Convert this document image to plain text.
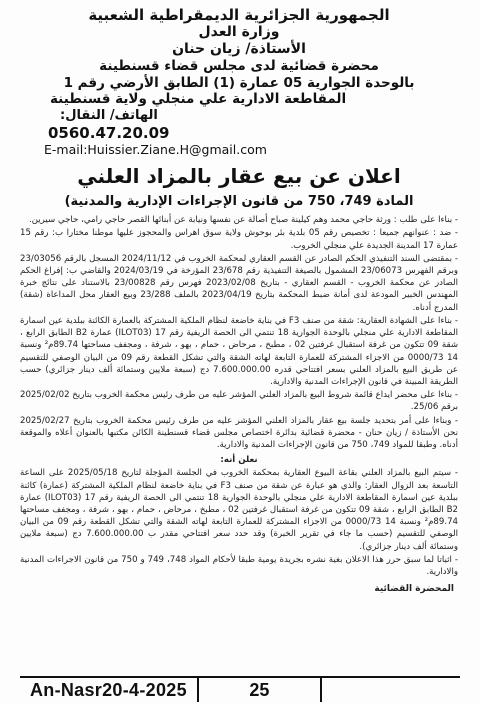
الجمهورية الجزائرية الديمقراطية الشعبية
وزارة العدل
الأستاذة/ زيان حنان
محضرة قضائية لدى مجلس قضاء قسنطينة
بالوحدة الجوارية 05 عمارة (1) الطابق الأرضي رقم 1
المقاطعة الادارية علي منجلي ولاية قسنطينة
الهاتف/ النقال:
0560.47.20.09
E-mail:Huissier.Ziane.H@gmail.com
اعلان عن بيع عقار بالمزاد العلني
المادة 749، 750 من قانون الإجراءات الإدارية والمدنية)

- بناءا على طلب : ورثة حاجي محمد وهم كيلينة صباح أصالة عن نفسها ونيابة عن أبنائها القصر حاجي رامي، حاجي سيرين.

- ضد : عنوانهم جميعا : تخصيص رقم 05 بلدية بئر بوحوش ولاية سوق اهراس والمحجوز عليها موطنا مختارا ب: رقم 15 عمارة 17 المدينة الجديدة علي منجلي الخروب.

- بمقتضى السند التنفيذي الحكم الصادر عن القسم العقاري لمحكمة الخروب في 2024/11/12 المسجل بالرقم 23/03056 وبرقم الفهرس 23/06073 المشمول بالصيغة التنفيذية رقم 23/678 المؤرخة في 2024/03/19 والقاضي ب: إفراغ الحكم الصادر عن محكمة الخروب - القسم العقاري - بتاريخ 2023/02/08 فهرس رقم 23/00828 بالاستناد على نتائج خبرة المهندس الخبير المودعة لدى أمانة ضبط المحكمة بتاريخ 2023/04/19 بالملف 23/288 وبيع العقار محل المداعاة (شقة) المدرج أدناه.

- بناءا على الشهادة العقارية: شقة من صنف F3 في بناية خاضعة لنظام الملكية المشتركة بالعمارة الكائنة ببلدية عين اسمارة المقاطعة الادارية علي منجلي بالوحدة الجوارية 18 تنتمي الى الحصة الريفية رقم 17 (ILOT03) عمارة B2 الطابق الرابع ، شقة 09 تتكون من غرفة استقبال غرفتين 02 ، مطبخ ، مرحاض ، حمام ، بهو ، شرفة ، ومجفف مساحتها 89.74م² ونسبة 14 0000/73 من الاجزاء المشتركة للعمارة التابعة لهاته الشقة والتي تشكل القطعة رقم 09 من البيان الوصفي للتقسيم عن طريق البيع بالمزاد العلني بسعر افتتاحي قدره 7.600.000.00 دج (سبعة ملايين وستمائة ألف دينار جزائري) حسب الطريقة المبينة في قانون الإجراءات المدنية والادارية.

- بناءا على محضر ايداع قائمة شروط البيع بالمزاد العلني المؤشر عليه من طرف رئيس محكمة الخروب بتاريخ 2025/02/02 برقم 25/06.

- وبناءا على أمر بتحديد جلسة بيع عقار بالمزاد العلني المؤشر عليه من طرف رئيس محكمة الخروب بتاريخ 2025/02/27 نحن الأستاذة / زيان حنان - محضرة قضائية بدائرة اختصاص مجلس قضاء قسنطينة الكائن مكتبها بالعنوان أعلاه والموقعة أدناه. وطبقا للمواد 749، 750 من قانون الإجراءات المدنية والادارية.

نعلن أنه:

- سيتم البيع بالمزاد العلني بقاعة البيوع العقارية بمحكمة الخروب في الجلسة المؤجلة لتاريخ 2025/05/18 على الساعة التاسعة بعد الزوال العقار: والذي هو عبارة عن شقة من صنف F3 في بناية خاضعة لنظام الملكية المشتركة (عمارة) كائنة ببلدية عين اسمارة المقاطعة الادارية علي منجلي بالوحدة الجوارية 18 تنتمي الى الحصة الريفية رقم 17 (ILOT03) عمارة B2 الطابق الرابع ، شقة 09 تتكون من غرفة استقبال غرفتين 02 ، مطبخ ، مرحاض ، حمام ، بهو ، شرفة ، ومجفف مساحتها 89.74م² ونسبة 14 0000/73 من الاجزاء المشتركة للعمارة التابعة لهاته الشقة والتي تشكل القطعة رقم 09 من البيان الوصفي للتقسيم (حسب ما جاء في تقرير الخبرة) وقد حدد سعر افتتاحي مقدر ب 7.600.000.00 دج (سبعة ملايين وستمائة ألف دينار جزائري).

- اثباتا لما سبق حرر هذا الاعلان بغية نشره بجريدة يومية طبقا لأحكام المواد 748، 749 و 750 من قانون الاجراءات المدنية والادارية.

المحضرة القضائية
An-Nasr20-4-2025	25
